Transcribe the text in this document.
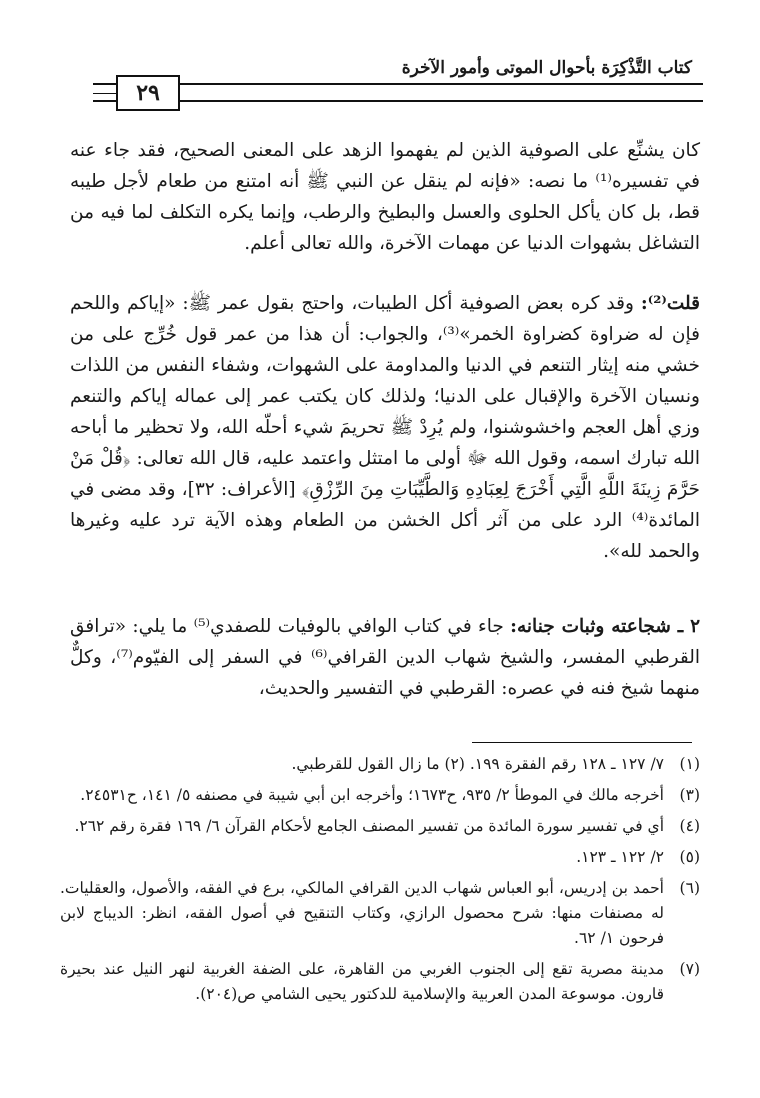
كتاب التَّذْكِرَة بأحوال الموتى وأمور الآخرة
٢٩

كان يشنِّع على الصوفية الذين لم يفهموا الزهد على المعنى الصحيح، فقد جاء عنه في تفسيره⁽¹⁾ ما نصه: «فإنه لم ينقل عن النبي ﷺ أنه امتنع من طعام لأجل طيبه قط، بل كان يأكل الحلوى والعسل والبطيخ والرطب، وإنما يكره التكلف لما فيه من التشاغل بشهوات الدنيا عن مهمات الآخرة، والله تعالى أعلم.

قلت⁽²⁾: وقد كره بعض الصوفية أكل الطيبات، واحتج بقول عمر ﷺ: «إياكم واللحم فإن له ضراوة كضراوة الخمر»⁽³⁾، والجواب: أن هذا من عمر قول خُرِّج على من خشي منه إيثار التنعم في الدنيا والمداومة على الشهوات، وشفاء النفس من اللذات ونسيان الآخرة والإقبال على الدنيا؛ ولذلك كان يكتب عمر إلى عماله إياكم والتنعم وزي أهل العجم واخشوشنوا، ولم يُرِدْ ﷺ تحريمَ شيء أحلّه الله، ولا تحظير ما أباحه الله تبارك اسمه، وقول الله ﷻ أولى ما امتثل واعتمد عليه، قال الله تعالى: ﴿قُلْ مَنْ حَرَّمَ زِينَةَ اللَّهِ الَّتِي أَخْرَجَ لِعِبَادِهِ وَالطَّيِّبَاتِ مِنَ الرِّزْقِ﴾ [الأعراف: ٣٢]، وقد مضى في المائدة⁽⁴⁾ الرد على من آثر أكل الخشن من الطعام وهذه الآية ترد عليه وغيرها والحمد لله».

٢ ـ شجاعته وثبات جنانه: جاء في كتاب الوافي بالوفيات للصفدي⁽⁵⁾ ما يلي: «ترافق القرطبي المفسر، والشيخ شهاب الدين القرافي⁽⁶⁾ في السفر إلى الفيّوم⁽⁷⁾، وكلٌّ منهما شيخ فنه في عصره: القرطبي في التفسير والحديث،

(١)
٧/ ١٢٧ ـ ١٢٨ رقم الفقرة ١٩٩. (٢) ما زال القول للقرطبي.
(٣)
أخرجه مالك في الموطأ ٢/ ٩٣٥، ح١٦٧٣؛ وأخرجه ابن أبي شيبة في مصنفه ٥/ ١٤١، ح٢٤٥٣١.
(٤)
أي في تفسير سورة المائدة من تفسير المصنف الجامع لأحكام القرآن ٦/ ١٦٩ فقرة رقم ٢٦٢.
(٥)
٢/ ١٢٢ ـ ١٢٣.
(٦)
أحمد بن إدريس، أبو العباس شهاب الدين القرافي المالكي، برع في الفقه، والأصول، والعقليات. له مصنفات منها: شرح محصول الرازي، وكتاب التنقيح في أصول الفقه، انظر: الديباج لابن فرحون ١/ ٦٢.
(٧)
مدينة مصرية تقع إلى الجنوب الغربي من القاهرة، على الضفة الغربية لنهر النيل عند بحيرة قارون. موسوعة المدن العربية والإسلامية للدكتور يحيى الشامي ص(٢٠٤).
